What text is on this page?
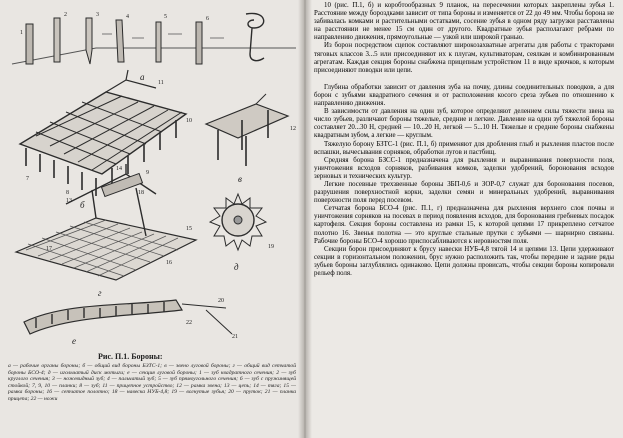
а
б
в
г
д
е
1
2	3	4	5	6
7
8
9
10
11
12
13
14
15
16
17
18
19
20
21
22
Рис. П.1. Бороны:
а — рабочие органы бороны; б — общий вид бороны БЗТС-1; в — звено луговой бороны; г — общий вид сетчатой бороны БСО-4; д — игольчатый диск мотыги; е — секция луговой бороны; 1 — зуб квадратного сечения; 2 — зуб круглого сечения; 3 — ножевидный зуб; 4 — пальчатый зуб; 5 — зуб прямоугольного сечения; 6 — зуб с пружинящей стойкой; 7, 9, 10 — планки; 8 — зуб; 11 — прицепное устройство; 12 — рамка звена; 13 — цепь; 14 — тяга; 15 — рамка бороны; 16 — сетчатое полотно; 18 — навеска НУБ-4,8; 19 — вогнутые зубья; 20 — пруток; 21 — планка прицепа; 22 — ножи

10 (рис. П.1, б) и коробтообразных 9 планок, на пересечении которых закреплены зубья 1. Расстояние между бороздками зависит от типа бороны и изменяется от 22 до 49 мм. Чтобы борона не забивалась комками и растительными остатками, сосение зубья в одном ряду загрузки расставлены на расстоянии не менее 15 см один от другого. Квадратные зубья располагают ребрами по направлению движения, прямоугольные — узкой или широкой гранью.

Из борон посредством сцепок составляют широкозахватные агрегаты для работы с тракторами тяговых классов 3...5 или присоединяют их к плугам, культиваторам, сеялкам и комбинированным агрегатам. Каждая секция бороны снабжена прицепным устройством 11 в виде крючков, к которым присоединяют поводки или цепи.

Глубина обработки зависит от давления зуба на почву, длины соединительных поводков, а для борон с зубьями квадратного сечения и от расположения косого среза зубьев по отношению к направлению движения.

В зависимости от давления на один зуб, которое определяют делением силы тяжести звена на число зубьев, различают бороны тяжелые, средние и легкие. Давление на один зуб тяжелой бороны составляет 20...30 Н, средней — 10...20 Н, легкой — 5...10 Н. Тяжелые и средние бороны снабжены квадратным зубом, а легкие — круглым.

Тяжелую борону БЗТС-1 (рис. П.1, б) применяют для дробления глыб и рыхления пластов после вспашки, вычесывания сорняков, обработки лугов и пастбищ.

Средняя борона БЗСС-1 предназначена для рыхления и выравнивания поверхности поля, уничтожения всходов сорняков, разбивания комков, заделки удобрений, боронования всходов зерновых и технических культур.

Легкие посевные трехзвенные бороны ЗБП-0,6 и ЗОР-0,7 служат для боронования посевов, разрушения поверхностной корки, заделки семян и минеральных удобрений, выравнивания поверхности поля перед посевом.

Сетчатая борона БСО-4 (рис. П.1, г) предназначена для рыхления верхнего слоя почвы и уничтожения сорняков на посевах в период появления всходов, для боронования гребневых посадок картофеля. Секция бороны составлена из рамки 15, к которой цепями 17 прикреплено сетчатое полотно 16. Звенья полотна — это круглые стальные прутки с зубьями — шарнирно связаны. Рабочие бороны БСО-4 хорошо приспосабливаются к неровностям поля.

Секции борон присоединяют к брусу навески НУБ-4,8 тягой 14 и цепями 13. Цепи удерживают секции в горизонтальном положении, брус нужно расположить так, чтобы передние и задние ряды зубьев бороны заглублялись одинаково. Цепи должны провисать, чтобы секции бороны копировали рельеф поля.
